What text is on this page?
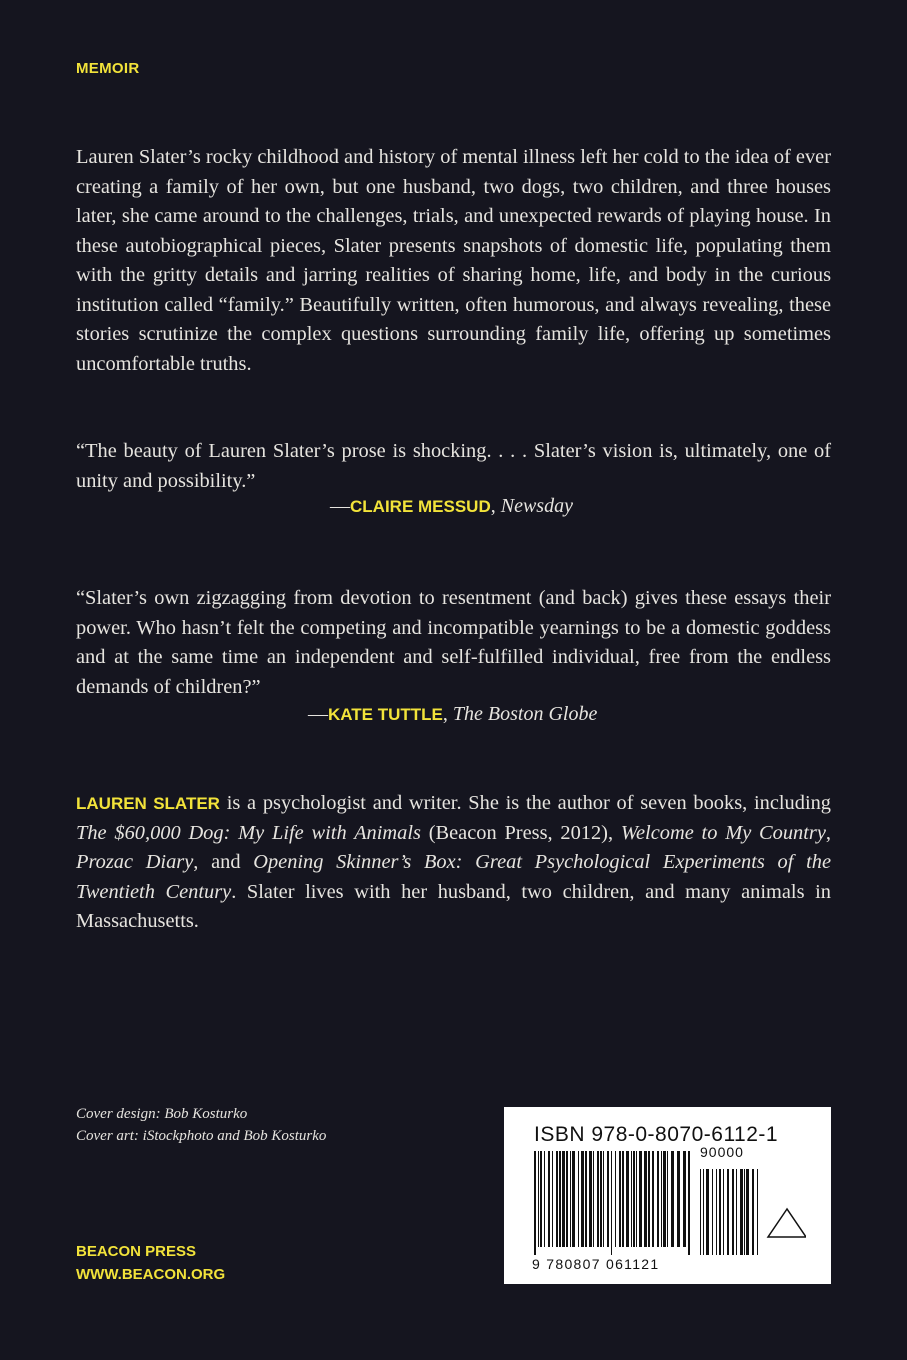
MEMOIR
Lauren Slater’s rocky childhood and history of mental illness left her cold to the idea of ever creating a family of her own, but one husband, two dogs, two children, and three houses later, she came around to the challenges, trials, and unexpected rewards of playing house. In these autobiographical pieces, Slater presents snapshots of domestic life, populating them with the gritty details and jarring realities of sharing home, life, and body in the curious institution called “family.” Beautifully written, often humorous, and always revealing, these stories scrutinize the complex questions surrounding family life, offering up sometimes uncomfortable truths.
“The beauty of Lauren Slater’s prose is shocking. . . . Slater’s vision is, ultimately, one of unity and possibility.”
—CLAIRE MESSUD, Newsday
“Slater’s own zigzagging from devotion to resentment (and back) gives these essays their power. Who hasn’t felt the competing and incompatible yearnings to be a domestic goddess and at the same time an independent and self-fulfilled individual, free from the endless demands of children?”
—KATE TUTTLE, The Boston Globe
LAUREN SLATER is a psychologist and writer. She is the author of seven books, including The $60,000 Dog: My Life with Animals (Beacon Press, 2012), Welcome to My Country, Prozac Diary, and Opening Skinner’s Box: Great Psychological Experiments of the Twentieth Century. Slater lives with her husband, two children, and many animals in Massachusetts.
Cover design: Bob Kosturko
Cover art: iStockphoto and Bob Kosturko
BEACON PRESS
WWW.BEACON.ORG
ISBN 978-0-8070-6112-1
90000
9 780807 061121
